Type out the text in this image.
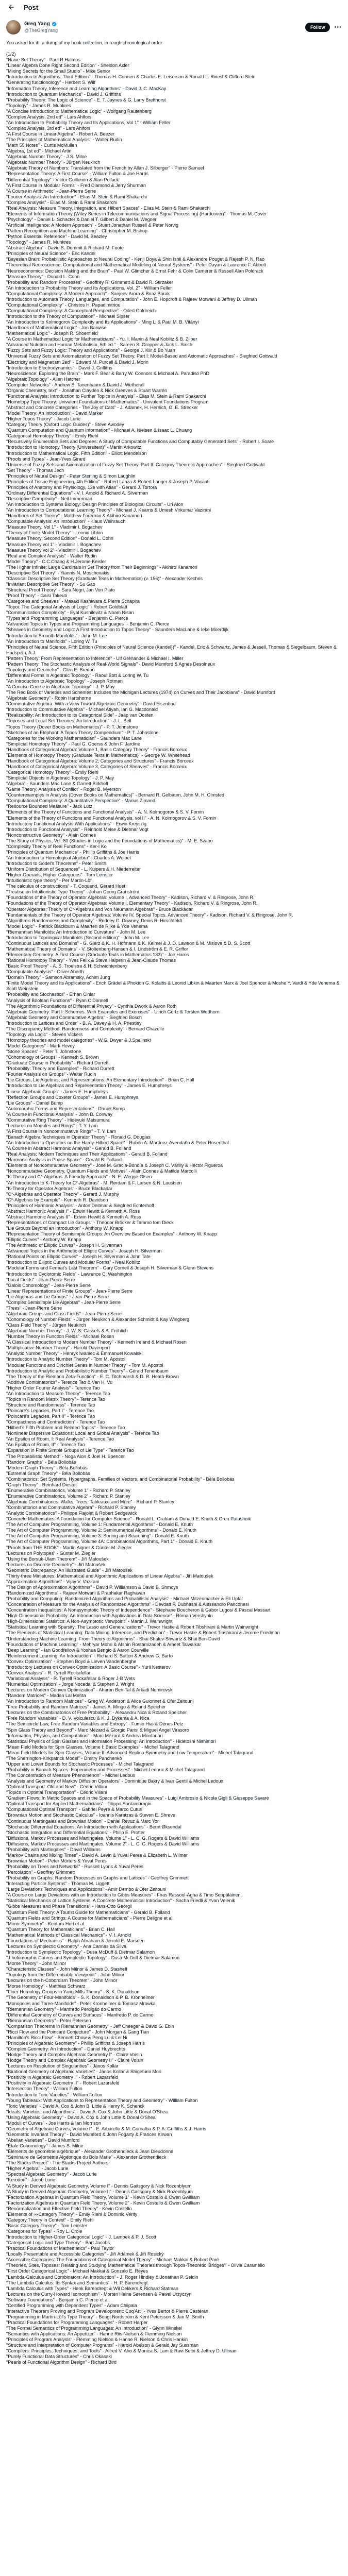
Post
Greg Yang
@TheGregYang
Follow	•••
You asked for it...a dump of my book collection, in rough chronological order

(1/2)
"Naive Set Theory" - Paul R Halmos
"Linear Algebra Done Right Second Edition" - Sheldon Axler
"Mixing Secrets for the Small Studio" - Mike Senior
"Introduction to Algorithms, Third Edition" - Thomas H. Cormen & Charles E. Leiserson & Ronald L. Rivest & Clifford Stein
"Generating functionology" - Herbert S. Wilf
"Information Theory, Inference and Learning Algorithms" - David J. C. MacKay
"Introduction to Quantum Mechanics" - David J. Griffiths
"Probability Theory: The Logic of Science" - E. T. Jaynes & G. Larry Bretthorst
"Topology" - James R. Munkres
"A Concise Introduction to Mathematical Logic" - Wolfgang Rautenberg
"Complex Analysis, 2nd ed" - Lars Ahlfors
"An Introduction to Probability Theory and Its Applications, Vol 1" - William Feller
"Complex Analysis, 3rd ed" - Lars Ahlfors
"A First Course in Linear Algebra" - Robert A. Beezer
"The Principles of Mathematical Analysis" - Walter Rudin
"Math 55 Notes" - Curtis McMullen
"Algebra, 1st ed" - Michael Artin
"Algebraic Number Theory" - J.S. Milne
"Algebraic Number Theory" - Jürgen Neukirch
"Algebraic Theory of Numbers: Translated from the French by Allan J. Silberger" - Pierre Samuel
"Representation Theory: A First Course" - William Fulton & Joe Harris
"Differential Topology" - Victor Guillemin & Alan Pollack
"A First Course in Modular Forms" - Fred Diamond & Jerry Shurman
"A Course in Arithmetic" - Jean-Pierre Serre
"Fourier Analysis: An Introduction" - Elias M. Stein & Rami Shakarchi
"Complex Analysis" - Elias M. Stein & Rami Shakarchi
"Real Analysis: Measure Theory, Integration, and Hilbert Spaces" - Elias M. Stein & Rami Shakarchi
"Elements of Information Theory (Wiley Series in Telecommunications and Signal Processing) (Hardcover)" - Thomas M. Cover
"Psychology" - Daniel L. Schacter & Daniel T. Gilbert & Daniel M. Wegner
"Artificial Intelligence: A Modern Approach" - Stuart Jonathan Russell & Peter Norvig
"Pattern Recognition and Machine Learning" - Christopher M. Bishop
"Python Essential Reference" - David M. Beazley
"Topology" - James R. Munkres
"Abstract Algebra" - David S. Dummit & Richard M. Foote
"Principles of Neural Science" - Eric Kandel
"Bayesian Brain: Probabilistic Approaches to Neural Coding" - Kenji Doya & Shin Ishii & Alexandre Pouget & Rajesh P. N. Rao
"Theoretical Neuroscience: Computational and Mathematical Modeling of Neural Systems" - Peter Dayan & Laurence F. Abbott
"Neuroeconomics: Decision Making and the Brain" - Paul W. Glimcher & Ernst Fehr & Colin Camerer & Russell Alan Poldrack
"Measure Theory" - Donald L. Cohn
"Probability and Random Processes" - Geoffrey R. Grimmett & David R. Stirzaker
"An Introduction to Probability Theory and Its Applications, Vol. 2" - William Feller
"Computational Complexity: A Modern Approach" - Sanjeev Arora & Boaz Barak
"Introduction to Automata Theory, Languages, and Computation" - John E. Hopcroft & Rajeev Motwani & Jeffrey D. Ullman
"Computational Complexity" - Christos H. Papadimitriou
"Computational Complexity: A Conceptual Perspective" - Oded Goldreich
"Introduction to the Theory of Computation" - Michael Sipser
"An Introduction to Kolmogorov Complexity and Its Applications" - Ming Li & Paul M. B. Vitányi
"Handbook of Mathematical Logic" - Jon Barwise
"Mathematical Logic" - Joseph R. Shoenfield
"A Course in Mathematical Logic for Mathematicians" - Yu. I. Manin & Neal Koblitz & B. Zilber
"Advanced Nutrition and Human Metabolism, 5th ed." - Sareen S. Gropper & Jack L. Smith
"Fuzzy Sets and Fuzzy Logic: Theory and Applications" - George J. Klir & Bo Yuan
"Universal Fuzzy Sets and Axiomatization of Fuzzy Set Theory. Part I: Model-Based and Axiomatic Approaches" - Siegfried Gottwald
"Electricity and Magnetism 2ed" - Edward M. Purcell & David J. Morin
"Introduction to Electrodynamics" - David J. Griffiths
"Neuroscience: Exploring the Brain" - Mark F. Bear & Barry W. Connors & Michael A. Paradiso PhD
"Algebraic Topology" - Allen Hatcher
"Computer Networks" - Andrew S. Tanenbaum & David J. Wetherall
"Organic Chemistry, text" - Jonathan Clayden & Nick Greeves & Stuart Warren
"Functional Analysis: Introduction to Further Topics in Analysis" - Elias M. Stein & Rami Shakarchi
"Homotopy Type Theory: Univalent Foundations of Mathematics" - Univalent Foundations Program
"Abstract and Concrete Categories - The Joy of Cats" - J. Adamek, H. Herrlich, G. E. Strecker
"Model Theory: An Introduction" - David Marker
"Higher Topos Theory" - Jacob Lurie
"Category Theory (Oxford Logic Guides)" - Steve Awodey
"Quantum Computation and Quantum Information" - Michael A. Nielsen & Isaac L. Chuang
"Categorical Homotopy Theory" - Emily Riehl
"Recursively Enumerable Sets and Degrees: A Study of Computable Functions and Computably Generated Sets" - Robert I. Soare
"Introduction to Homotopy Theory (Universitext)" - Martin Arkowitz
"Introduction to Mathematical Logic, Fifth Edition" - Elliott Mendelson
"Proofs and Types" - Jean-Yves Girard
"Universe of Fuzzy Sets and Axiomatization of Fuzzy Set Theory. Part II: Category Theoretic Approaches" - Siegfried Gottwald
"Set Theory" - Thomas Jech
"Principles of Neural Design" - Peter Sterling & Simon Laughlin
"Principles of Tissue Engineering, 4th Edition" - Robert Lanza & Robert Langer & Joseph P. Vacanti
"Principles of Anatomy and Physiology, 13e with Atlas" - Gerard J. Tortora
"Ordinary Differential Equations" - V. I. Arnold & Richard A. Silverman
"Descriptive Complexity" - Neil Immerman
"An Introduction to Systems Biology: Design Principles of Biological Circuits" - Uri Alon
"An Introduction to Computational Learning Theory" - Michael J. Kearns & Umesh Virkumar Vazirani
"Handbook of Set Theory" - Matthew Foreman & Akihiro Kanamori
"Computable Analysis: An Introduction" - Klaus Weihrauch
"Measure Theory, Vol 1" - Vladimir I. Bogachev
"Theory of Finite Model Theory" - Leonid Libkin
"Measure Theory: Second Edition" - Donald L. Cohn
"Measure Theory vol 1" - Vladimir I. Bogachev
"Measure Theory vol 2" - Vladimir I. Bogachev
"Real and Complex Analysis" - Walter Rudin
"Model Theory" - C.C.Chang & H.Jerome Keisler
"The Higher Infinite: Large Cardinals in Set Theory from Their Beginnings" - Akihiro Kanamori
"Descriptive Set Theory" - Yiannis N. Moschovakis
"Classical Descriptive Set Theory (Graduate Texts in Mathematics) (v. 156)" - Alexander Kechris
"Invariant Descriptive Set Theory" - Su Gao
"Structural Proof Theory" - Sara Negri, Jan Von Plato
"Proof Theory" - Gaisi Takeuti
"Categories and Sheaves" - Masaki Kashiwara & Pierre Schapira
"Topoi: The Categorial Analysis of Logic" - Robert Goldblatt
"Communication Complexity" - Eyal Kushilevitz & Noam Nisan
"Types and Programming Languages" - Benjamin C. Pierce
"Advanced Topics in Types and Programming Languages" - Benjamin C. Pierce
"Sheaves in Geometry and Logic: A First Introduction to Topos Theory" - Saunders MacLane & Ieke Moerdijk
"Introduction to Smooth Manifolds" - John M. Lee
"An Introduction to Manifolds" - Loring W. Tu
"Principles of Neural Science, Fifth Edition (Principles of Neural Science (Kandel))" - Kandel, Eric & Schwartz, James & Jessell, Thomas & Siegelbaum, Steven & Hudspeth, A.J.
"Pattern Theory: From Representation to Inference" - Ulf Grenander & Michael I. Miller
"Pattern Theory: The Stochastic Analysis of Real-World Signals" - David Mumford & Agnès Desolneux
"Topology and Geometry" - Glen E. Bredon
"Differential Forms in Algebraic Topology" - Raoul Bott & Loring W. Tu
"An Introduction to Algebraic Topology" - Joseph Rotman
"A Concise Course in Algebraic Topology" - J. P. May
"The Red Book of Varieties and Schemes: Includes the Michigan Lectures (1974) on Curves and Their Jacobians" - David Mumford
"Algebraic Geometry" - Robin Hartshorne
"Commutative Algebra: With a View Toward Algebraic Geometry" - David Eisenbud
"Introduction to Commutative Algebra" - Michael Atiyah, Ian G. Macdonald
"Realizability: An Introduction to its Categorical Side" - Jaap van Oosten
"Toposes and Local Set Theories: An Introduction" - J. L. Bell
"Topos Theory (Dover Books on Mathematics)" - P. T. Johnstone
"Sketches of an Elephant: A Topos Theory Compendium" - P. T. Johnstone
"Categories for the Working Mathematician" - Saunders Mac Lane
"Simplicial Homotopy Theory" - Paul G. Goerss & John F. Jardine
"Handbook of Categorical Algebra: Volume 1, Basic Category Theory" - Francis Borceux
"Elements of Homotopy Theory (Graduate Texts in Mathematics)" - George W. Whitehead
"Handbook of Categorical Algebra: Volume 2, Categories and Structures" - Francis Borceux
"Handbook of Categorical Algebra: Volume 3, Categories of Sheaves" - Francis Borceux
"Categorical Homotopy Theory" - Emily Riehl
"Simplicial Objects in Algebraic Topology" - J. P. May
"Algebra" - Saunders Mac Lane & Garrett Birkhoff
"Game Theory: Analysis of Conflict" - Roger B. Myerson
"Counterexamples in Analysis (Dover Books on Mathematics)" - Bernard R. Gelbaum, John M. H. Olmsted
"Computational Complexity: A Quantitative Perspective" - Marius Zimand
"Resource Bounded Measure" - Jack Lutz
"Elements of the Theory of Functions and Functional Analysis" - A. N. Kolmogorov & S. V. Fomin
"Elements of the Theory of Functions and Functional Analysis, vol II" - A. N. Kolmogorov & S. V. Fomin
"Introductory Functional Analysis With Applications" - Erwin Kreyszig
"Introduction to Functional Analysis" - Reinhold Meise & Dietmar Vogt
"Nonconstructive Geometry" - Alain Connes
"The Study of Physics, Vol. 80 (Studies in Logic and the Foundations of Mathematics)" - M. E. Szabo
"Complexity Theory of Real Functions" - Ker-I Ko
"Principles of Quantum Mechanics" - Phillip Griffiths & Joe Harris
"An Introduction to Homological Algebra" - Charles A. Weibel
"Introduction to Gödel's Theorems" - Peter Smith
"Uniform Distribution of Sequences" - L. Kuipers & H. Niederreiter
"Higher Operads, Higher Categories" - Tom Leinster
"Intuitionistic type theory" - Per Martin-Löf
"The calculus of constructions" - T. Coquand, Gérard Huet
"Treatise on Intuitionistic Type Theory" - Johan Georg Granström
"Foundations of the Theory of Operator Algebras: Volume I, Advanced Theory" - Kadison, Richard V. & Ringrose, John R.
"Foundations of the Theory of Operator Algebras: Volume I, Elementary Theory" - Kadison, Richard V. & Ringrose, John R.
"Operator Algebras: Theory of C*-Algebras and Von Neumann Algebras" - Bruce Blackadar
"Fundamentals of the Theory of Operator Algebras: Volume IV, Special Topics. Advanced Theory" - Kadison, Richard V. & Ringrose, John R.
"Algorithmic Randomness and Complexity" - Rodney G. Downey, Denis R. Hirschfeldt
"Model Logic" - Patrick Blackburn & Maarten de Rijke & Yde Venema
"Riemannian Manifolds: An Introduction to Curvature" - John M. Lee
"Introduction to Topological Manifolds (Second edition)" - John M. Lee
"Continuous Lattices and Domains" - G. Gierz & K. H. Hofmann & K. Keimel & J. D. Lawson & M. Mislove & D. S. Scott
"Mathematical Theory of Domains" - V. Stoltenberg-Hansen & I. Lindström & E. R. Griffor
"Elementary Geometry: A First Course (Graduate Texts in Mathematics 133)" - Joe Harris
"Rational Homotopy Theory" - Yves Felix & Steve Halperin & Jean-Claude Thomas
"Basic Proof Theory" - A. S. Troelstra & H. Schwichtenberg
"Computable Analysis" - Oliver Aberth
"Domain Theory" - Samson Abramsky, Achim Jung
"Finite Model Theory and Its Applications" - Erich Grädel & Phokion G. Kolaitis & Leonid Libkin & Maarten Marx & Joel Spencer & Moshe Y. Vardi & Yde Venema & Scott Weinstein
"Probability and Stochastics" - Erhan Cinlar
"Analysis of Boolean Functions" - Ryan O'Donnell
"The Algorithmic Foundations of Differential Privacy" - Cynthia Dwork & Aaron Roth
"Algebraic Geometry: Part I: Schemes. With Examples and Exercises" - Ulrich Görtz & Torsten Wedhorn
"Algebraic Geometry and Commutative Algebra" - Siegfried Bosch
"Introduction to Lattices and Order" - B. A. Davey & H. A. Priestley
"The Discrepancy Method: Randomness and Complexity" - Bernard Chazelle
"Topology via Logic" - Steven Vickers
"Homotopy theories and model categories" - W.G. Dwyer & J.Spalinski
"Model Categories" - Mark Hovey
"Stone Spaces" - Peter T. Johnstone
"Cohomology of Groups" - Kenneth S. Brown
"Graduate Course in Probability" - Richard Durrett
"Probability: Theory and Examples" - Richard Durrett
"Fourier Analysis on Groups" - Walter Rudin
"Lie Groups, Lie Algebras, and Representations: An Elementary Introduction" - Brian C. Hall
"Introduction to Lie Algebras and Representation Theory" - James E. Humphreys
"Linear Algebraic Groups" - James E. Humphreys
"Reflection Groups and Coxeter Groups" - James E. Humphreys
"Lie Groups" - Daniel Bump
"Automorphic Forms and Representations" - Daniel Bump
"A Course in Functional Analysis" - John B. Conway
"Commutative Ring Theory" - Hideyuki Matsumura
"Lectures on Modules and Rings" - T. Y. Lam
"A First Course in Noncommutative Rings" - T. Y. Lam
"Banach Algebra Techniques in Operator Theory" - Ronald G. Douglas
"An Introduction to Operators on the Hardy-Hilbert Space" - Rubén A. Martínez-Avendaño & Peter Rosenthal
"A Course in Abstract Harmonic Analysis" - Gerald B. Folland
"Real Analysis: Modern Techniques and Their Applications" - Gerald B. Folland
"Harmonic Analysis in Phase Space" - Gerald B. Folland
"Elements of Noncommutative Geometry" - José M. Gracia-Bondía & Joseph C. Várilly & Héctor Figueroa
"Noncommutative Geometry, Quantum Fields and Motives" - Alain Connes & Matilde Marcolli
"K-Theory and C*-Algebras: A Friendly Approach" - N. E. Wegge-Olsen
"An Introduction to K-Theory for C*-Algebras" - M. Rørdam & F. Larsen & N. Laustsen
"K-Theory for Operator Algebras" - Bruce Blackadar
"C*-Algebras and Operator Theory" - Gerard J. Murphy
"C*-Algebras by Example" - Kenneth R. Davidson
"Principles of Harmonic Analysis" - Anton Deitmar & Siegfried Echterhoff
"Abstract Harmonic Analysis I" - Edwin Hewitt & Kenneth A. Ross
"Abstract Harmonic Analysis II" - Edwin Hewitt & Kenneth A. Ross
"Representations of Compact Lie Groups" - Theodor Bröcker & Tammo tom Dieck
"Lie Groups Beyond an Introduction" - Anthony W. Knapp
"Representation Theory of Semisimple Groups: An Overview Based on Examples" - Anthony W. Knapp
"Elliptic Curves" - Anthony W. Knapp
"The Arithmetic of Elliptic Curves" - Joseph H. Silverman
"Advanced Topics in the Arithmetic of Elliptic Curves" - Joseph H. Silverman
"Rational Points on Elliptic Curves" - Joseph H. Silverman & John Tate
"Introduction to Elliptic Curves and Modular Forms" - Neal Koblitz
"Modular Forms and Fermat's Last Theorem" - Gary Cornell & Joseph H. Silverman & Glenn Stevens
"Introduction to Cyclotomic Fields" - Lawrence C. Washington
"Local Fields" - Jean-Pierre Serre
"Galois Cohomology" - Jean-Pierre Serre
"Linear Representations of Finite Groups" - Jean-Pierre Serre
"Lie Algebras and Lie Groups" - Jean-Pierre Serre
"Complex Semisimple Lie Algebras" - Jean-Pierre Serre
"Trees" - Jean-Pierre Serre
"Algebraic Groups and Class Fields" - Jean-Pierre Serre
"Cohomology of Number Fields" - Jürgen Neukirch & Alexander Schmidt & Kay Wingberg
"Class Field Theory" - Jürgen Neukirch
"Algebraic Number Theory" - J. W. S. Cassels & A. Fröhlich
"Number Theory in Function Fields" - Michael Rosen
"A Classical Introduction to Modern Number Theory" - Kenneth Ireland & Michael Rosen
"Multiplicative Number Theory" - Harold Davenport
"Analytic Number Theory" - Henryk Iwaniec & Emmanuel Kowalski
"Introduction to Analytic Number Theory" - Tom M. Apostol
"Modular Functions and Dirichlet Series in Number Theory" - Tom M. Apostol
"Introduction to Analytic and Probabilistic Number Theory" - Gérald Tenenbaum
"The Theory of the Riemann Zeta-Function" - E. C. Titchmarsh & D. R. Heath-Brown
"Additive Combinatorics" - Terence Tao & Van H. Vu
"Higher Order Fourier Analysis" - Terence Tao
"An Introduction to Measure Theory" - Terence Tao
"Topics in Random Matrix Theory" - Terence Tao
"Structure and Randomness" - Terence Tao
"Poincaré's Legacies, Part I" - Terence Tao
"Poincaré's Legacies, Part II" - Terence Tao
"Compactness and Contradiction" - Terence Tao
"Hilbert's Fifth Problem and Related Topics" - Terence Tao
"Nonlinear Dispersive Equations: Local and Global Analysis" - Terence Tao
"An Epsilon of Room, I: Real Analysis" - Terence Tao
"An Epsilon of Room, II" - Terence Tao
"Expansion in Finite Simple Groups of Lie Type" - Terence Tao
"The Probabilistic Method" - Noga Alon & Joel H. Spencer
"Random Graphs" - Béla Bollobás
"Modern Graph Theory" - Béla Bollobás
"Extremal Graph Theory" - Béla Bollobás
"Combinatorics: Set Systems, Hypergraphs, Families of Vectors, and Combinatorial Probability" - Béla Bollobás
"Graph Theory" - Reinhard Diestel
"Enumerative Combinatorics, Volume 1" - Richard P. Stanley
"Enumerative Combinatorics, Volume 2" - Richard P. Stanley
"Algebraic Combinatorics: Walks, Trees, Tableaux, and More" - Richard P. Stanley
"Combinatorics and Commutative Algebra" - Richard P. Stanley
"Analytic Combinatorics" - Philippe Flajolet & Robert Sedgewick
"Concrete Mathematics: A Foundation for Computer Science" - Ronald L. Graham & Donald E. Knuth & Oren Patashnik
"The Art of Computer Programming, Volume 1: Fundamental Algorithms" - Donald E. Knuth
"The Art of Computer Programming, Volume 2: Seminumerical Algorithms" - Donald E. Knuth
"The Art of Computer Programming, Volume 3: Sorting and Searching" - Donald E. Knuth
"The Art of Computer Programming, Volume 4A: Combinatorial Algorithms, Part 1" - Donald E. Knuth
"Proofs from THE BOOK" - Martin Aigner & Günter M. Ziegler
"Lectures on Polytopes" - Günter M. Ziegler
"Using the Borsuk-Ulam Theorem" - Jiří Matoušek
"Lectures on Discrete Geometry" - Jiří Matoušek
"Geometric Discrepancy: An Illustrated Guide" - Jiří Matoušek
"Thirty-three Miniatures: Mathematical and Algorithmic Applications of Linear Algebra" - Jiří Matoušek
"Approximation Algorithms" - Vijay V. Vazirani
"The Design of Approximation Algorithms" - David P. Williamson & David B. Shmoys
"Randomized Algorithms" - Rajeev Motwani & Prabhakar Raghavan
"Probability and Computing: Randomized Algorithms and Probabilistic Analysis" - Michael Mitzenmacher & Eli Upfal
"Concentration of Measure for the Analysis of Randomized Algorithms" - Devdatt P. Dubhashi & Alessandro Panconesi
"Concentration Inequalities: A Nonasymptotic Theory of Independence" - Stéphane Boucheron & Gábor Lugosi & Pascal Massart
"High-Dimensional Probability: An Introduction with Applications in Data Science" - Roman Vershynin
"High-Dimensional Statistics: A Non-Asymptotic Viewpoint" - Martin J. Wainwright
"Statistical Learning with Sparsity: The Lasso and Generalizations" - Trevor Hastie & Robert Tibshirani & Martin Wainwright
"The Elements of Statistical Learning: Data Mining, Inference, and Prediction" - Trevor Hastie & Robert Tibshirani & Jerome Friedman
"Understanding Machine Learning: From Theory to Algorithms" - Shai Shalev-Shwartz & Shai Ben-David
"Foundations of Machine Learning" - Mehryar Mohri & Afshin Rostamizadeh & Ameet Talwalkar
"Deep Learning" - Ian Goodfellow & Yoshua Bengio & Aaron Courville
"Reinforcement Learning: An Introduction" - Richard S. Sutton & Andrew G. Barto
"Convex Optimization" - Stephen Boyd & Lieven Vandenberghe
"Introductory Lectures on Convex Optimization: A Basic Course" - Yurii Nesterov
"Convex Analysis" - R. Tyrrell Rockafellar
"Variational Analysis" - R. Tyrrell Rockafellar & Roger J-B Wets
"Numerical Optimization" - Jorge Nocedal & Stephen J. Wright
"Lectures on Modern Convex Optimization" - Aharon Ben-Tal & Arkadi Nemirovski
"Random Matrices" - Madan Lal Mehta
"An Introduction to Random Matrices" - Greg W. Anderson & Alice Guionnet & Ofer Zeitouni
"Free Probability and Random Matrices" - James A. Mingo & Roland Speicher
"Lectures on the Combinatorics of Free Probability" - Alexandru Nica & Roland Speicher
"Free Random Variables" - D. V. Voiculescu & K. J. Dykema & A. Nica
"The Semicircle Law, Free Random Variables and Entropy" - Fumio Hiai & Dénes Petz
"Spin Glass Theory and Beyond" - Marc Mézard & Giorgio Parisi & Miguel Angel Virasoro
"Information, Physics, and Computation" - Marc Mézard & Andrea Montanari
"Statistical Physics of Spin Glasses and Information Processing: An Introduction" - Hidetoshi Nishimori
"Mean Field Models for Spin Glasses, Volume I: Basic Examples" - Michel Talagrand
"Mean Field Models for Spin Glasses, Volume II: Advanced Replica-Symmetry and Low Temperature" - Michel Talagrand
"The Sherrington-Kirkpatrick Model" - Dmitry Panchenko
"Upper and Lower Bounds for Stochastic Processes" - Michel Talagrand
"Probability in Banach Spaces: Isoperimetry and Processes" - Michel Ledoux & Michel Talagrand
"The Concentration of Measure Phenomenon" - Michel Ledoux
"Analysis and Geometry of Markov Diffusion Operators" - Dominique Bakry & Ivan Gentil & Michel Ledoux
"Optimal Transport: Old and New" - Cédric Villani
"Topics in Optimal Transportation" - Cédric Villani
"Gradient Flows: In Metric Spaces and in the Space of Probability Measures" - Luigi Ambrosio & Nicola Gigli & Giuseppe Savaré
"Optimal Transport for Applied Mathematicians" - Filippo Santambrogio
"Computational Optimal Transport" - Gabriel Peyré & Marco Cuturi
"Brownian Motion and Stochastic Calculus" - Ioannis Karatzas & Steven E. Shreve
"Continuous Martingales and Brownian Motion" - Daniel Revuz & Marc Yor
"Stochastic Differential Equations: An Introduction with Applications" - Bernt Øksendal
"Stochastic Integration and Differential Equations" - Philip E. Protter
"Diffusions, Markov Processes and Martingales, Volume 1" - L. C. G. Rogers & David Williams
"Diffusions, Markov Processes and Martingales, Volume 2" - L. C. G. Rogers & David Williams
"Probability with Martingales" - David Williams
"Markov Chains and Mixing Times" - David A. Levin & Yuval Peres & Elizabeth L. Wilmer
"Brownian Motion" - Peter Mörters & Yuval Peres
"Probability on Trees and Networks" - Russell Lyons & Yuval Peres
"Percolation" - Geoffrey Grimmett
"Probability on Graphs: Random Processes on Graphs and Lattices" - Geoffrey Grimmett
"Interacting Particle Systems" - Thomas M. Liggett
"Large Deviations Techniques and Applications" - Amir Dembo & Ofer Zeitouni
"A Course on Large Deviations with an Introduction to Gibbs Measures" - Firas Rassoul-Agha & Timo Seppäläinen
"Statistical Mechanics of Lattice Systems: A Concrete Mathematical Introduction" - Sacha Friedli & Yvan Velenik
"Gibbs Measures and Phase Transitions" - Hans-Otto Georgii
"Quantum Field Theory: A Tourist Guide for Mathematicians" - Gerald B. Folland
"Quantum Fields and Strings: A Course for Mathematicians" - Pierre Deligne et al.
"Mirror Symmetry" - Kentaro Hori et al.
"Quantum Theory for Mathematicians" - Brian C. Hall
"Mathematical Methods of Classical Mechanics" - V. I. Arnold
"Foundations of Mechanics" - Ralph Abraham & Jerrold E. Marsden
"Lectures on Symplectic Geometry" - Ana Cannas da Silva
"Introduction to Symplectic Topology" - Dusa McDuff & Dietmar Salamon
"J-holomorphic Curves and Symplectic Topology" - Dusa McDuff & Dietmar Salamon
"Morse Theory" - John Milnor
"Characteristic Classes" - John Milnor & James D. Stasheff
"Topology from the Differentiable Viewpoint" - John Milnor
"Lectures on the h-Cobordism Theorem" - John Milnor
"Morse Homology" - Matthias Schwarz
"Floer Homology Groups in Yang-Mills Theory" - S. K. Donaldson
"The Geometry of Four-Manifolds" - S. K. Donaldson & P. B. Kronheimer
"Monopoles and Three-Manifolds" - Peter Kronheimer & Tomasz Mrowka
"Riemannian Geometry" - Manfredo Perdigão do Carmo
"Differential Geometry of Curves and Surfaces" - Manfredo P. do Carmo
"Riemannian Geometry" - Peter Petersen
"Comparison Theorems in Riemannian Geometry" - Jeff Cheeger & David G. Ebin
"Ricci Flow and the Poincaré Conjecture" - John Morgan & Gang Tian
"Hamilton's Ricci Flow" - Bennett Chow & Peng Lu & Lei Ni
"Principles of Algebraic Geometry" - Phillip Griffiths & Joseph Harris
"Complex Geometry: An Introduction" - Daniel Huybrechts
"Hodge Theory and Complex Algebraic Geometry I" - Claire Voisin
"Hodge Theory and Complex Algebraic Geometry II" - Claire Voisin
"Lectures on Resolution of Singularities" - János Kollár
"Birational Geometry of Algebraic Varieties" - János Kollár & Shigefumi Mori
"Positivity in Algebraic Geometry I" - Robert Lazarsfeld
"Positivity in Algebraic Geometry II" - Robert Lazarsfeld
"Intersection Theory" - William Fulton
"Introduction to Toric Varieties" - William Fulton
"Young Tableaux: With Applications to Representation Theory and Geometry" - William Fulton
"Toric Varieties" - David A. Cox & John B. Little & Henry K. Schenck
"Ideals, Varieties, and Algorithms" - David A. Cox & John Little & Donal O'Shea
"Using Algebraic Geometry" - David A. Cox & John Little & Donal O'Shea
"Moduli of Curves" - Joe Harris & Ian Morrison
"Geometry of Algebraic Curves, Volume I" - E. Arbarello & M. Cornalba & P. A. Griffiths & J. Harris
"Geometric Invariant Theory" - David Mumford & John Fogarty & Frances Kirwan
"Abelian Varieties" - David Mumford
"Étale Cohomology" - James S. Milne
"Éléments de géométrie algébrique" - Alexander Grothendieck & Jean Dieudonné
"Séminaire de Géométrie Algébrique du Bois Marie" - Alexander Grothendieck
"The Stacks Project" - The Stacks Project Authors
"Higher Algebra" - Jacob Lurie
"Spectral Algebraic Geometry" - Jacob Lurie
"Kerodon" - Jacob Lurie
"A Study in Derived Algebraic Geometry, Volume I" - Dennis Gaitsgory & Nick Rozenblyum
"A Study in Derived Algebraic Geometry, Volume II" - Dennis Gaitsgory & Nick Rozenblyum
"Factorization Algebras in Quantum Field Theory, Volume 1" - Kevin Costello & Owen Gwilliam
"Factorization Algebras in Quantum Field Theory, Volume 2" - Kevin Costello & Owen Gwilliam
"Renormalization and Effective Field Theory" - Kevin Costello
"Elements of ∞-Category Theory" - Emily Riehl & Dominic Verity
"Category Theory in Context" - Emily Riehl
"Basic Category Theory" - Tom Leinster
"Categories for Types" - Roy L. Crole
"Introduction to Higher-Order Categorical Logic" - J. Lambek & P. J. Scott
"Categorical Logic and Type Theory" - Bart Jacobs
"Practical Foundations of Mathematics" - Paul Taylor
"Locally Presentable and Accessible Categories" - Jiří Adámek & Jiří Rosický
"Accessible Categories: The Foundations of Categorical Model Theory" - Michael Makkai & Robert Paré
"Theories, Sites, Toposes: Relating and Studying Mathematical Theories through Topos-Theoretic 'Bridges'" - Olivia Caramello
"First Order Categorical Logic" - Michael Makkai & Gonzalo E. Reyes
"Lambda-Calculus and Combinators: An Introduction" - J. Roger Hindley & Jonathan P. Seldin
"The Lambda Calculus: Its Syntax and Semantics" - H. P. Barendregt
"Lambda Calculus with Types" - Henk Barendregt & Wil Dekkers & Richard Statman
"Lectures on the Curry-Howard Isomorphism" - Morten Heine Sørensen & Pawel Urzyczyn
"Software Foundations" - Benjamin C. Pierce et al.
"Certified Programming with Dependent Types" - Adam Chlipala
"Interactive Theorem Proving and Program Development: Coq'Art" - Yves Bertot & Pierre Castéran
"Programming in Martin-Löf's Type Theory" - Bengt Nordström & Kent Petersson & Jan M. Smith
"Practical Foundations for Programming Languages" - Robert Harper
"The Formal Semantics of Programming Languages: An Introduction" - Glynn Winskel
"Semantics with Applications: An Appetizer" - Hanne Riis Nielson & Flemming Nielson
"Principles of Program Analysis" - Flemming Nielson & Hanne R. Nielson & Chris Hankin
"Structure and Interpretation of Computer Programs" - Harold Abelson & Gerald Jay Sussman
"Compilers: Principles, Techniques, and Tools" - Alfred V. Aho & Monica S. Lam & Ravi Sethi & Jeffrey D. Ullman
"Purely Functional Data Structures" - Chris Okasaki
"Pearls of Functional Algorithm Design" - Richard Bird
